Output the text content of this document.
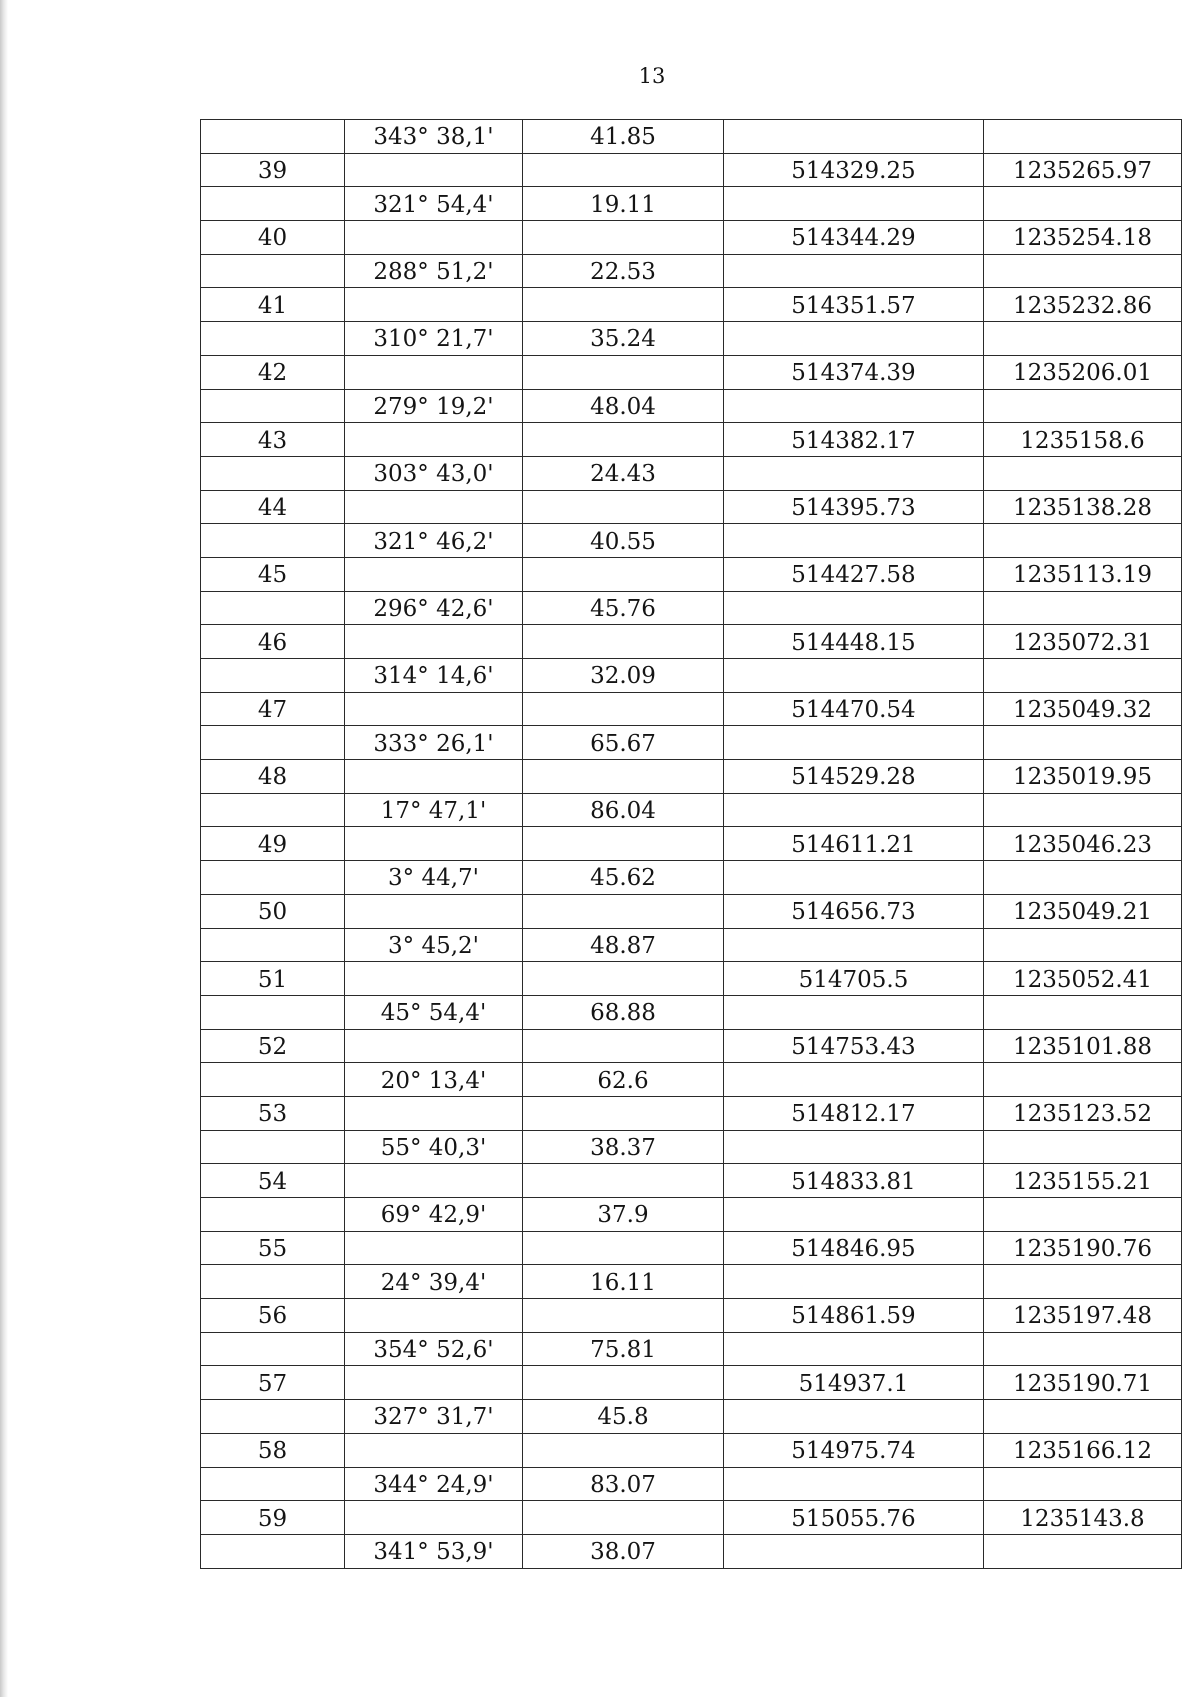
13
343° 38,1'	41.85
39	514329.25	1235265.97
321° 54,4'	19.11
40	514344.29	1235254.18
288° 51,2'	22.53
41	514351.57	1235232.86
310° 21,7'	35.24
42	514374.39	1235206.01
279° 19,2'	48.04
43	514382.17	1235158.6
303° 43,0'	24.43
44	514395.73	1235138.28
321° 46,2'	40.55
45	514427.58	1235113.19
296° 42,6'	45.76
46	514448.15	1235072.31
314° 14,6'	32.09
47	514470.54	1235049.32
333° 26,1'	65.67
48	514529.28	1235019.95
17° 47,1'	86.04
49	514611.21	1235046.23
3° 44,7'	45.62
50	514656.73	1235049.21
3° 45,2'	48.87
51	514705.5	1235052.41
45° 54,4'	68.88
52	514753.43	1235101.88
20° 13,4'	62.6
53	514812.17	1235123.52
55° 40,3'	38.37
54	514833.81	1235155.21
69° 42,9'	37.9
55	514846.95	1235190.76
24° 39,4'	16.11
56	514861.59	1235197.48
354° 52,6'	75.81
57	514937.1	1235190.71
327° 31,7'	45.8
58	514975.74	1235166.12
344° 24,9'	83.07
59	515055.76	1235143.8
341° 53,9'	38.07
